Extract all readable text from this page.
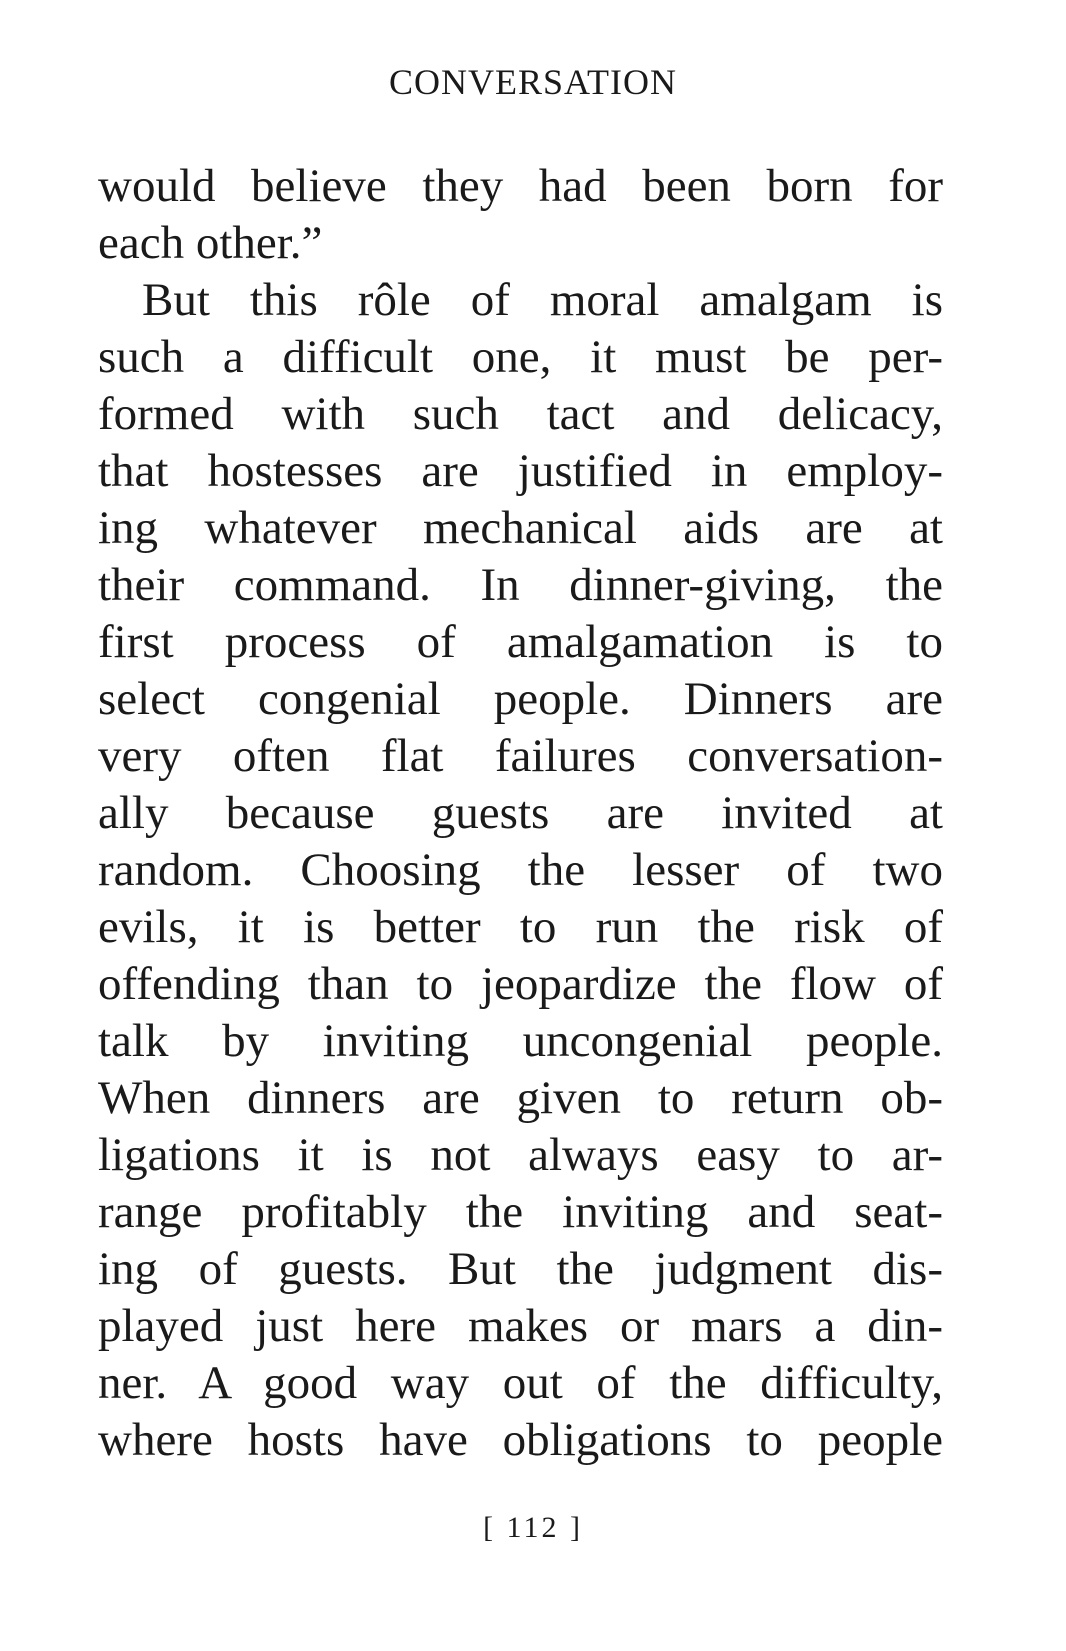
CONVERSATION
would believe they had been born for
each other.”
But this rôle of moral amalgam is
such a difficult one, it must be per-
formed with such tact and delicacy,
that hostesses are justified in employ-
ing whatever mechanical aids are at
their command. In dinner-giving, the
first process of amalgamation is to
select congenial people. Dinners are
very often flat failures conversation-
ally because guests are invited at
random. Choosing the lesser of two
evils, it is better to run the risk of
offending than to jeopardize the flow of
talk by inviting uncongenial people.
When dinners are given to return ob-
ligations it is not always easy to ar-
range profitably the inviting and seat-
ing of guests. But the judgment dis-
played just here makes or mars a din-
ner. A good way out of the difficulty,
where hosts have obligations to people
[ 112 ]
